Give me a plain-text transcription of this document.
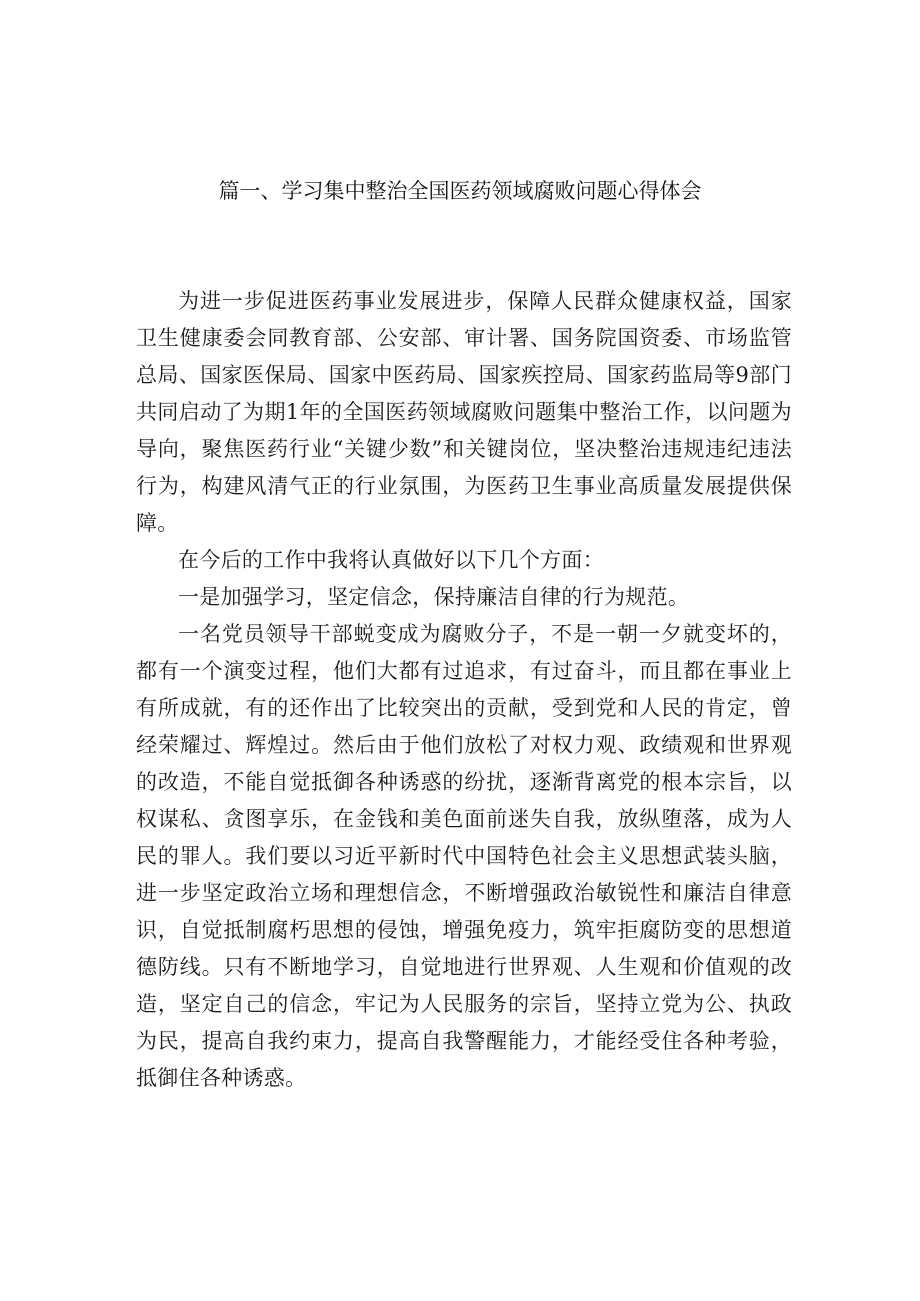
篇一、学习集中整治全国医药领域腐败问题心得体会

为进一步促进医药事业发展进步，保障人民群众健康权益，国家卫生健康委会同教育部、公安部、审计署、国务院国资委、市场监管总局、国家医保局、国家中医药局、国家疾控局、国家药监局等9部门共同启动了为期1年的全国医药领域腐败问题集中整治工作，以问题为导向，聚焦医药行业“关键少数”和关键岗位，坚决整治违规违纪违法行为，构建风清气正的行业氛围，为医药卫生事业高质量发展提供保障。

在今后的工作中我将认真做好以下几个方面：

一是加强学习，坚定信念，保持廉洁自律的行为规范。

一名党员领导干部蜕变成为腐败分子，不是一朝一夕就变坏的，都有一个演变过程，他们大都有过追求，有过奋斗，而且都在事业上有所成就，有的还作出了比较突出的贡献，受到党和人民的肯定，曾经荣耀过、辉煌过。然后由于他们放松了对权力观、政绩观和世界观的改造，不能自觉抵御各种诱惑的纷扰，逐渐背离党的根本宗旨，以权谋私、贪图享乐，在金钱和美色面前迷失自我，放纵堕落，成为人民的罪人。我们要以习近平新时代中国特色社会主义思想武装头脑，进一步坚定政治立场和理想信念，不断增强政治敏锐性和廉洁自律意识，自觉抵制腐朽思想的侵蚀，增强免疫力，筑牢拒腐防变的思想道德防线。只有不断地学习，自觉地进行世界观、人生观和价值观的改造，坚定自己的信念，牢记为人民服务的宗旨，坚持立党为公、执政为民，提高自我约束力，提高自我警醒能力，才能经受住各种考验，抵御住各种诱惑。
